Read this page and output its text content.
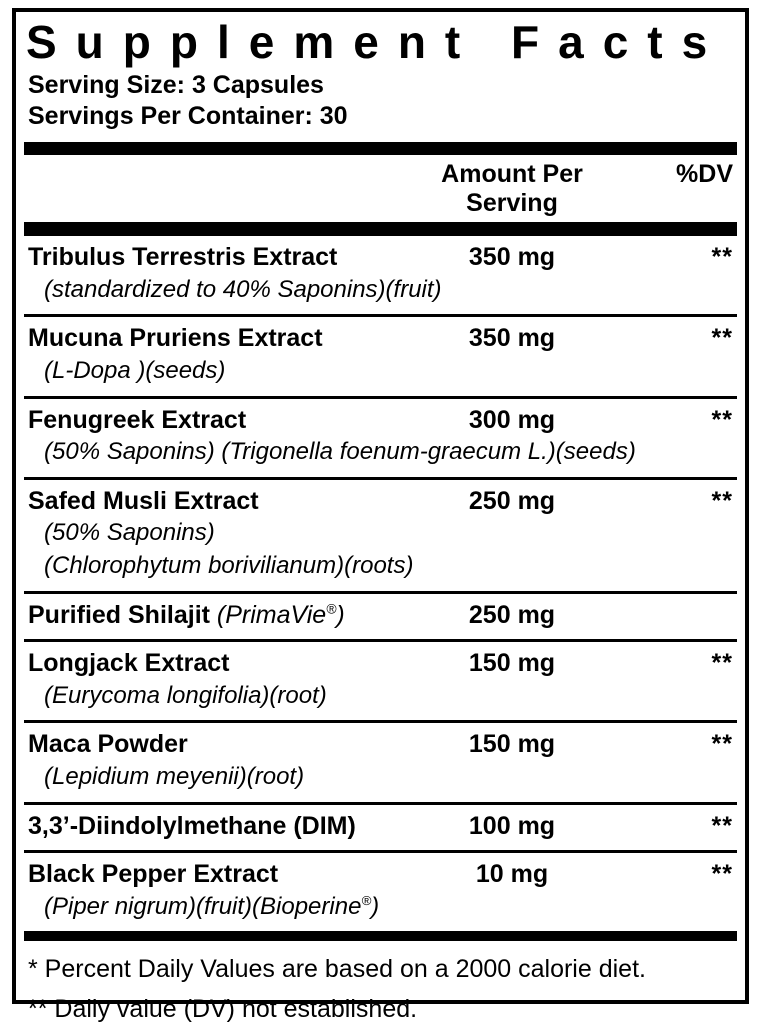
Supplement Facts
Serving Size: 3 Capsules
Servings Per Container: 30
Amount Per Serving
%DV
Tribulus Terrestris Extract	350 mg	**
(standardized to 40% Saponins)(fruit)
Mucuna Pruriens Extract	350 mg	**
(L-Dopa )(seeds)
Fenugreek Extract	300 mg	**
(50% Saponins) (Trigonella foenum-graecum L.)(seeds)
Safed Musli Extract	250 mg	**
(50% Saponins)
(Chlorophytum borivilianum)(roots)
Purified Shilajit (PrimaVie®)	250 mg
Longjack Extract	150 mg	**
(Eurycoma longifolia)(root)
Maca Powder	150 mg	**
(Lepidium meyenii)(root)
3,3’-Diindolylmethane (DIM)	100 mg	**
Black Pepper Extract	10 mg	**
(Piper nigrum)(fruit)(Bioperine®)
* Percent Daily Values are based on a 2000 calorie diet.
** Daily value (DV) not established.
